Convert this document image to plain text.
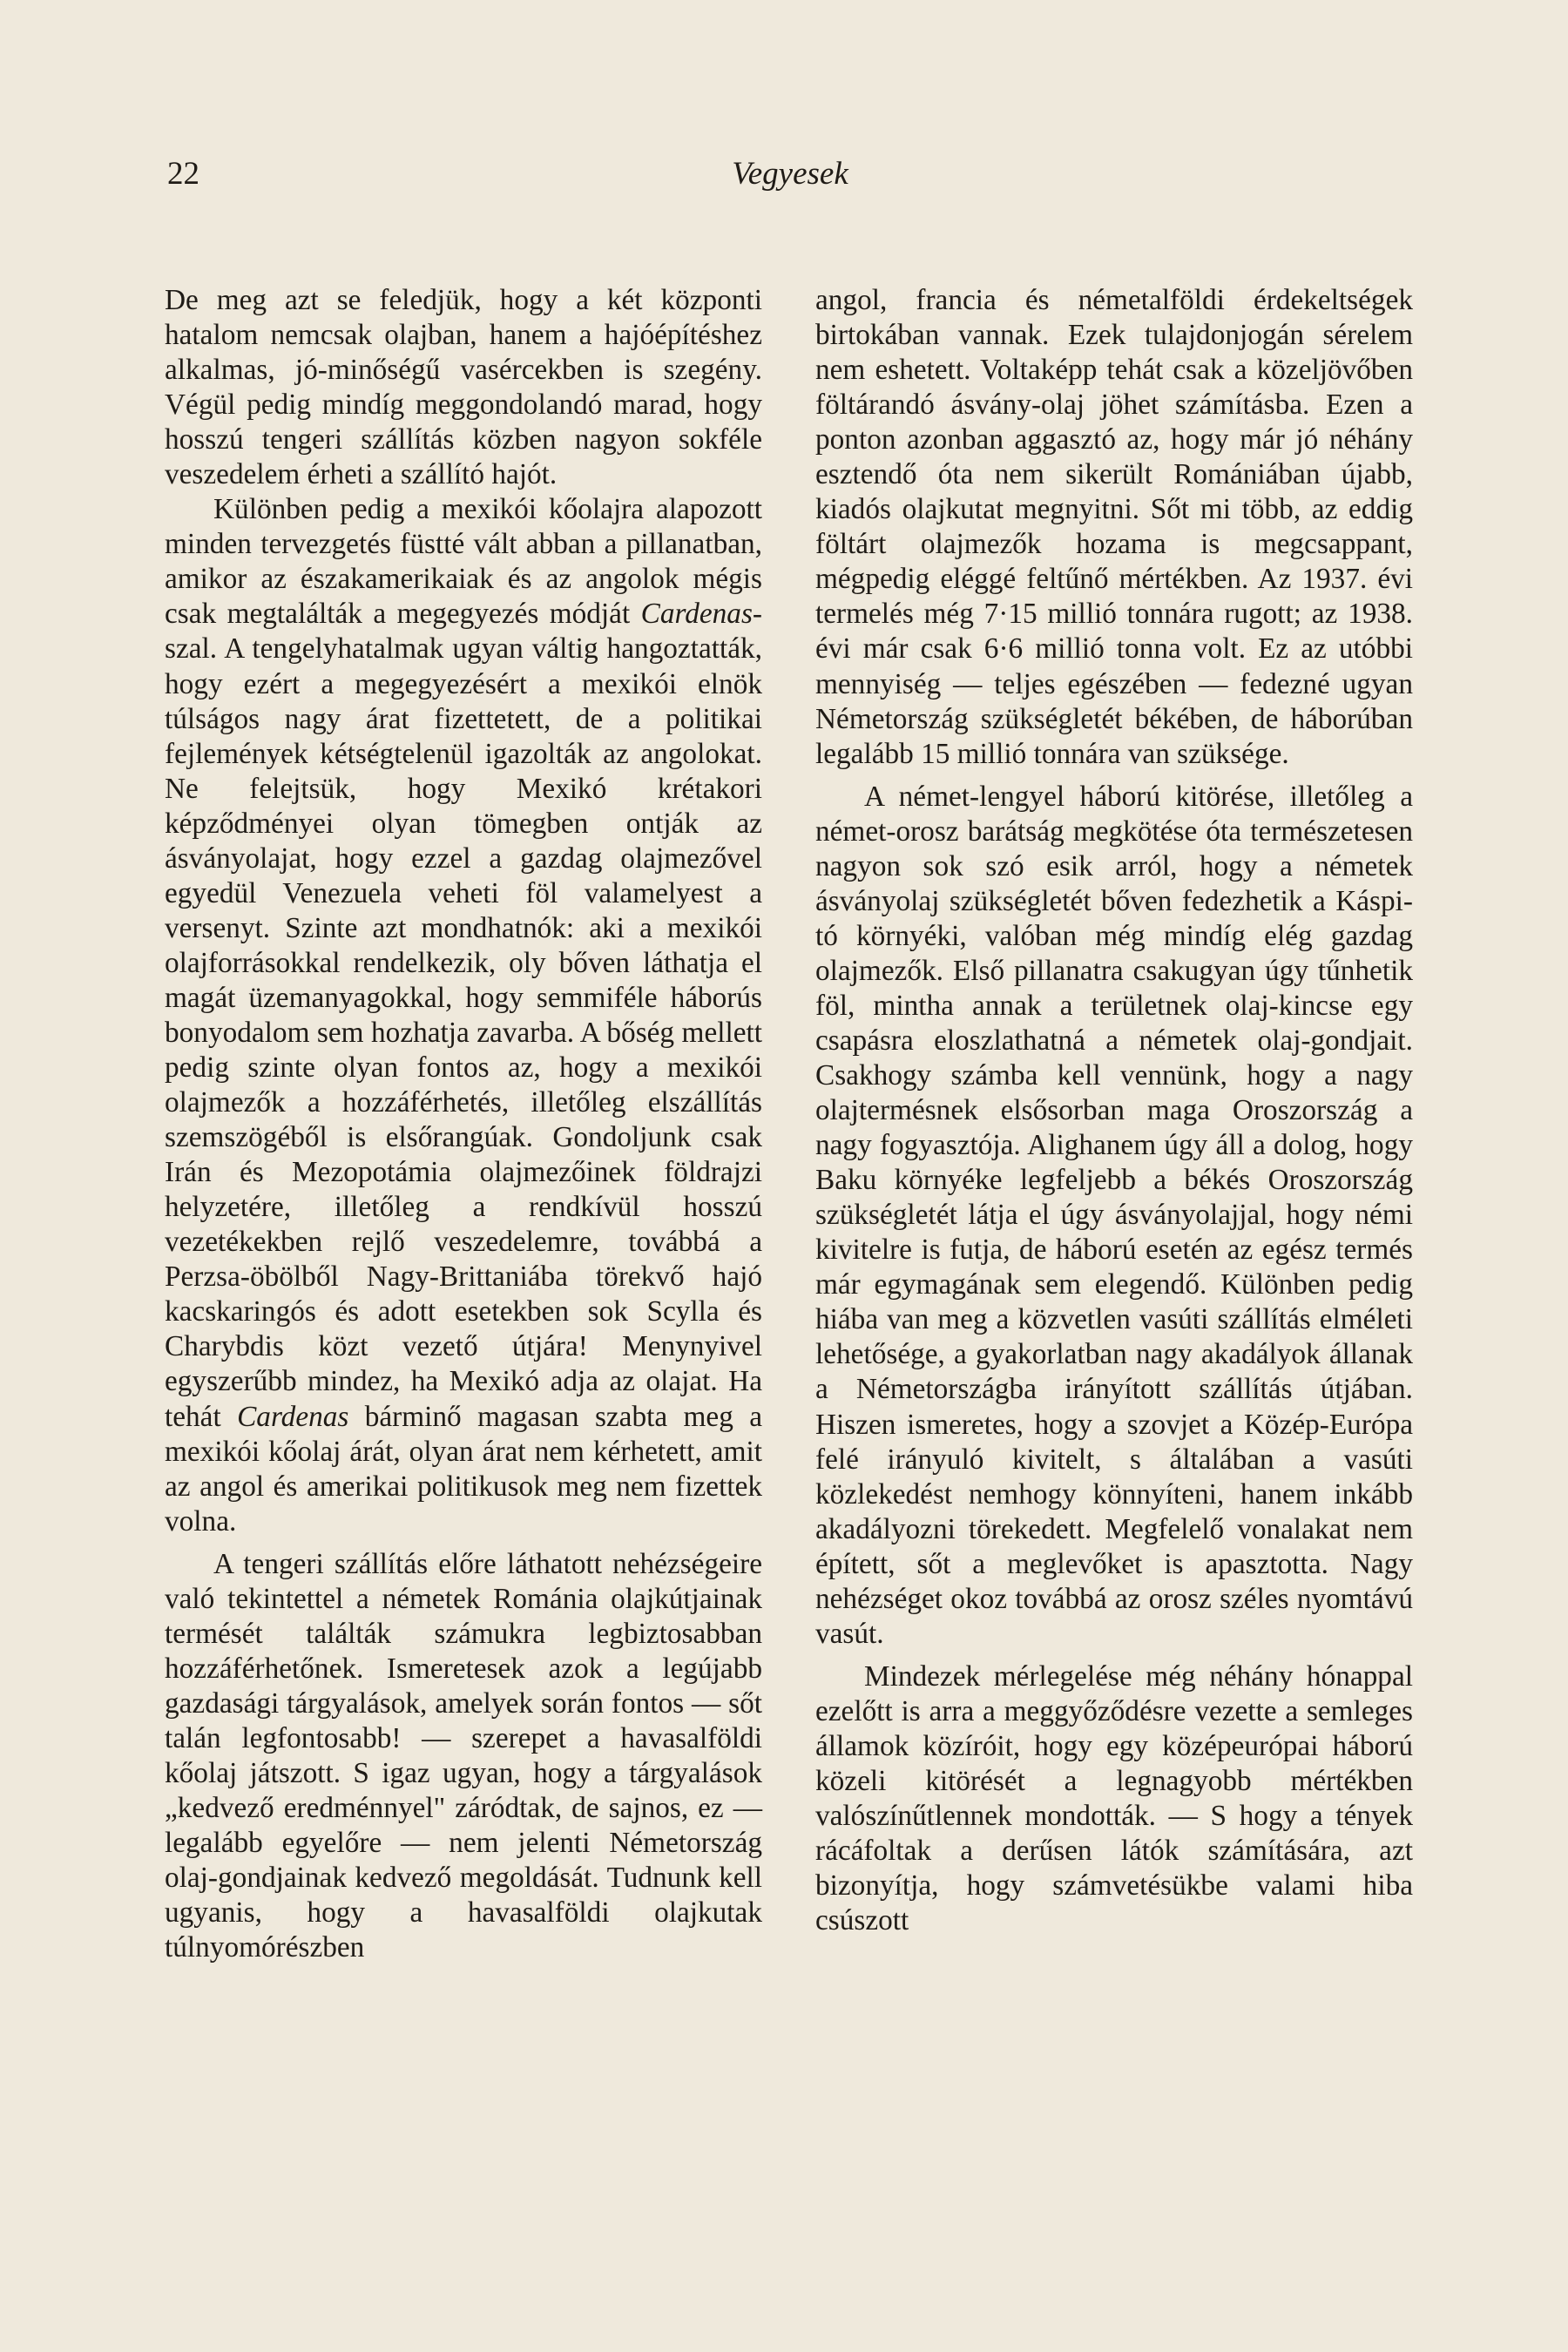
22	Vegyesek

De meg azt se feledjük, hogy a két központi hatalom nemcsak olajban, hanem a hajóépítéshez alkalmas, jó-minőségű vasércekben is szegény. Végül pedig mindíg meggondolandó marad, hogy hosszú tengeri szállítás közben nagyon sokféle veszedelem érheti a szállító hajót.

Különben pedig a mexikói kőolajra alapozott minden tervezgetés füstté vált abban a pillanatban, amikor az északamerikaiak és az angolok mégis csak megtalálták a megegyezés módját Cardenas-szal. A tengelyhatalmak ugyan váltig hangoztatták, hogy ezért a megegyezésért a mexikói elnök túlságos nagy árat fizettetett, de a politikai fejlemények kétségtelenül igazolták az angolokat. Ne felejtsük, hogy Mexikó krétakori képződményei olyan tömegben ontják az ásványolajat, hogy ezzel a gazdag olajmezővel egyedül Venezuela veheti föl valamelyest a versenyt. Szinte azt mondhatnók: aki a mexikói olajforrásokkal rendelkezik, oly bőven láthatja el magát üzemanyagokkal, hogy semmiféle háborús bonyodalom sem hozhatja zavarba. A bőség mellett pedig szinte olyan fontos az, hogy a mexikói olajmezők a hozzáférhetés, illetőleg elszállítás szemszögéből is elsőrangúak. Gondoljunk csak Irán és Mezopotámia olajmezőinek földrajzi helyzetére, illetőleg a rendkívül hosszú vezetékekben rejlő veszedelemre, továbbá a Perzsa-öbölből Nagy-Brittaniába törekvő hajó kacskaringós és adott esetekben sok Scylla és Charybdis közt vezető útjára! Menynyivel egyszerűbb mindez, ha Mexikó adja az olajat. Ha tehát Cardenas bárminő magasan szabta meg a mexikói kőolaj árát, olyan árat nem kérhetett, amit az angol és amerikai politikusok meg nem fizettek volna.

A tengeri szállítás előre láthatott nehézségeire való tekintettel a németek Románia olajkútjainak termését találták számukra legbiztosabban hozzáférhetőnek. Ismeretesek azok a legújabb gazdasági tárgyalások, amelyek során fontos — sőt talán legfontosabb! — szerepet a havasalföldi kőolaj játszott. S igaz ugyan, hogy a tárgyalások „kedvező eredménnyel" záródtak, de sajnos, ez — legalább egyelőre — nem jelenti Németország olaj-gondjainak kedvező megoldását. Tudnunk kell ugyanis, hogy a havasalföldi olajkutak túlnyomórészben

angol, francia és németalföldi érdekeltségek birtokában vannak. Ezek tulajdonjogán sérelem nem eshetett. Voltaképp tehát csak a közeljövőben föltárandó ásvány-olaj jöhet számításba. Ezen a ponton azonban aggasztó az, hogy már jó néhány esztendő óta nem sikerült Romániában újabb, kiadós olajkutat megnyitni. Sőt mi több, az eddig föltárt olajmezők hozama is megcsappant, mégpedig eléggé feltűnő mértékben. Az 1937. évi termelés még 7·15 millió tonnára rugott; az 1938. évi már csak 6·6 millió tonna volt. Ez az utóbbi mennyiség — teljes egészében — fedezné ugyan Németország szükségletét békében, de háborúban legalább 15 millió tonnára van szüksége.

A német-lengyel háború kitörése, illetőleg a német-orosz barátság megkötése óta természetesen nagyon sok szó esik arról, hogy a németek ásványolaj szükségletét bőven fedezhetik a Káspi-tó környéki, valóban még mindíg elég gazdag olajmezők. Első pillanatra csakugyan úgy tűnhetik föl, mintha annak a területnek olaj-kincse egy csapásra eloszlathatná a németek olaj-gondjait. Csakhogy számba kell vennünk, hogy a nagy olajtermésnek elsősorban maga Oroszország a nagy fogyasztója. Alighanem úgy áll a dolog, hogy Baku környéke legfeljebb a békés Oroszország szükségletét látja el úgy ásványolajjal, hogy némi kivitelre is futja, de háború esetén az egész termés már egymagának sem elegendő. Különben pedig hiába van meg a közvetlen vasúti szállítás elméleti lehetősége, a gyakorlatban nagy akadályok állanak a Németországba irányított szállítás útjában. Hiszen ismeretes, hogy a szovjet a Közép-Európa felé irányuló kivitelt, s általában a vasúti közlekedést nemhogy könnyíteni, hanem inkább akadályozni törekedett. Megfelelő vonalakat nem épített, sőt a meglevőket is apasztotta. Nagy nehézséget okoz továbbá az orosz széles nyomtávú vasút.

Mindezek mérlegelése még néhány hónappal ezelőtt is arra a meggyőződésre vezette a semleges államok közíróit, hogy egy középeurópai háború közeli kitörését a legnagyobb mértékben valószínűtlennek mondották. — S hogy a tények rácáfoltak a derűsen látók számítására, azt bizonyítja, hogy számvetésükbe valami hiba csúszott
